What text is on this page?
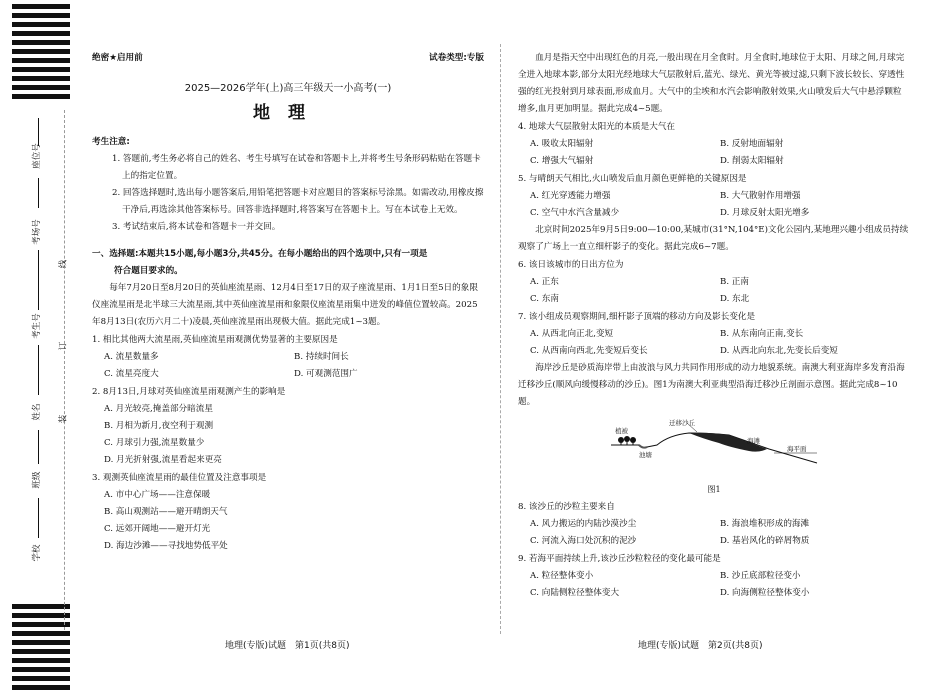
座位号
考场号
考生号
姓名
班级
学校
线
订
装
绝密★启用前	试卷类型:专版
2025—2026学年(上)高三年级天一小高考(一)
地理
考生注意:

1. 答题前,考生务必将自己的姓名、考生号填写在试卷和答题卡上,并将考生号条形码粘贴在答题卡上的指定位置。

2. 回答选择题时,选出每小题答案后,用铅笔把答题卡对应题目的答案标号涂黑。如需改动,用橡皮擦干净后,再选涂其他答案标号。回答非选择题时,将答案写在答题卡上。写在本试卷上无效。

3. 考试结束后,将本试卷和答题卡一并交回。

一、选择题:本题共15小题,每小题3分,共45分。在每小题给出的四个选项中,只有一项是
符合题目要求的。

每年7月20日至8月20日的英仙座流星雨、12月4日至17日的双子座流星雨、1月1日至5日的象限仪座流星雨是北半球三大流星雨,其中英仙座流星雨和象限仪座流星雨集中迸发的峰值位置较高。2025年8月13日(农历六月二十)凌晨,英仙座流星雨出现极大值。据此完成1~3题。

1. 相比其他两大流星雨,英仙座流星雨观测优势显著的主要原因是

A. 流星数量多	B. 持续时间长
C. 流星亮度大	D. 可观测范围广

2. 8月13日,月球对英仙座流星雨观测产生的影响是

A. 月光较亮,掩盖部分暗流星
B. 月相为新月,夜空利于观测
C. 月球引力强,流星数量少
D. 月光折射强,流星看起来更亮

3. 观测英仙座流星雨的最佳位置及注意事项是

A. 市中心广场——注意保暖
B. 高山观测站——避开晴朗天气
C. 远郊开阔地——避开灯光
D. 海边沙滩——寻找地势低平处
地理(专版)试题　第1页(共8页)

血月是指天空中出现红色的月亮,一般出现在月全食时。月全食时,地球位于太阳、月球之间,月球完全进入地球本影,部分太阳光经地球大气层散射后,蓝光、绿光、黄光等被过滤,只剩下波长较长、穿透性强的红光投射到月球表面,形成血月。大气中的尘埃和水汽会影响散射效果,火山喷发后大气中悬浮颗粒增多,血月更加明显。据此完成4~5题。

4. 地球大气层散射太阳光的本质是大气在

A. 吸收太阳辐射	B. 反射地面辐射
C. 增强大气辐射	D. 削弱太阳辐射

5. 与晴朗天气相比,火山喷发后血月颜色更鲜艳的关键原因是

A. 红光穿透能力增强	B. 大气散射作用增强
C. 空气中水汽含量减少	D. 月球反射太阳光增多

北京时间2025年9月5日9:00—10:00,某城市(31°N,104°E)文化公园内,某地理兴趣小组成员持续观察了广场上一直立细杆影子的变化。据此完成6~7题。

6. 该日该城市的日出方位为

A. 正东	B. 正南
C. 东南	D. 东北

7. 该小组成员观察期间,细杆影子顶端的移动方向及影长变化是

A. 从西北向正北,变短	B. 从东南向正南,变长
C. 从西南向西北,先变短后变长	D. 从西北向东北,先变长后变短

海岸沙丘是砂质海岸带上由波浪与风力共同作用形成的动力地貌系统。南澳大利亚海岸多发育沿海迁移沙丘(顺风向缓慢移动的沙丘)。图1为南澳大利亚典型沿海迁移沙丘剖面示意图。据此完成8~10题。

植被
池塘
迁移沙丘
海滩
海平面
图1

8. 该沙丘的沙粒主要来自

A. 风力搬运的内陆沙漠沙尘	B. 海浪堆积形成的海滩
C. 河流入海口处沉积的泥沙	D. 基岩风化的碎屑物质

9. 若海平面持续上升,该沙丘沙粒粒径的变化最可能是

A. 粒径整体变小	B. 沙丘底部粒径变小
C. 向陆侧粒径整体变大	D. 向海侧粒径整体变小
地理(专版)试题　第2页(共8页)
